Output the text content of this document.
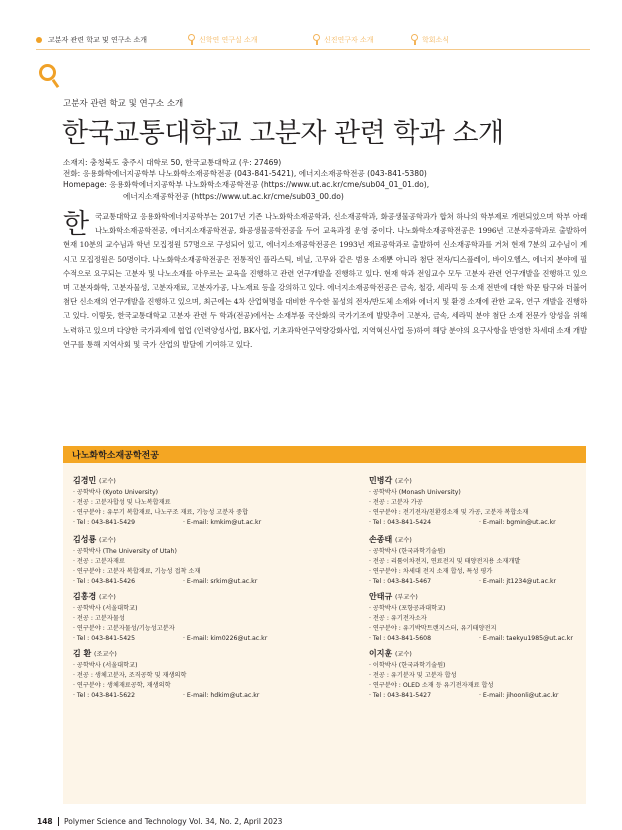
고분자 관련 학교 및 연구소 소개	신학연 연구실 소개	신진연구자 소개	학회소식
고분자 관련 학교 및 연구소 소개
한국교통대학교 고분자 관련 학과 소개
소재지: 충청북도 충주시 대학로 50, 한국교통대학교 (우: 27469)
전화: 응용화학에너지공학부 나노화학소재공학전공 (043-841-5421), 에너지소재공학전공 (043-841-5380)
Homepage: 응용화학에너지공학부 나노화학소재공학전공 (https://www.ut.ac.kr/cme/sub04_01_01.do),
에너지소재공학전공 (https://www.ut.ac.kr/cme/sub03_00.do)
한 국교통대학교 응용화학에너지공학부는 2017년 기존 나노화학소재공학과, 신소재공학과, 화공생물공학과가 합쳐 하나의 학부제로 개편되었으며 학부 아래 나노화학소재공학전공, 에너지소재공학전공, 화공생물공학전공을 두어 교육과정 운영 중이다. 나노화학소재공학전공은 1996년 고분자공학과로 출발하여 현재 10분의 교수님과 학년 모집정원 57명으로 구성되어 있고, 에너지소재공학전공은 1993년 재료공학과로 출발하여 신소재공학과를 거쳐 현재 7분의 교수님이 계시고 모집정원은 50명이다. 나노화학소재공학전공은 전통적인 플라스틱, 비닐, 고무와 같은 범용 소재뿐 아니라 첨단 전자/디스플레이, 바이오헬스, 에너지 분야에 필수적으로 요구되는 고분자 및 나노소재를 아우르는 교육을 진행하고 관련 연구개발을 진행하고 있다. 현재 학과 전임교수 모두 고분자 관련 연구개발을 진행하고 있으며 고분자화학, 고분자물성, 고분자재료, 고분자가공, 나노재료 등을 강의하고 있다. 에너지소재공학전공은 금속, 철강, 세라믹 등 소재 전반에 대한 학문 탐구와 더불어 첨단 신소재의 연구개발을 진행하고 있으며, 최근에는 4차 산업혁명을 대비한 우수한 물성의 전자/반도체 소재와 에너지 및 환경 소재에 관한 교육, 연구 개발을 진행하고 있다. 이렇듯, 한국교통대학교 고분자 관련 두 학과(전공)에서는 소재부품 국산화의 국가기조에 발맞추어 고분자, 금속, 세라믹 분야 첨단 소재 전문가 양성을 위해 노력하고 있으며 다양한 국가과제에 협업 (인력양성사업, BK사업, 기초과학연구역량강화사업, 지역혁신사업 등)하여 해당 분야의 요구사항을 반영한 차세대 소재 개발 연구를 통해 지역사회 및 국가 산업의 발달에 기여하고 있다.
나노화학소재공학전공
김경민 (교수)
· 공학박사 (Kyoto University)
· 전공 : 고분자합성 및 나노복합재료
· 연구분야 : 유무기 복합재료, 나노구조 재료, 기능성 고분자 중합
· Tel : 043-841-5429	· E-mail: kmkim@ut.ac.kr
김성룡 (교수)
· 공학박사 (The University of Utah)
· 전공 : 고분자재료
· 연구분야 : 고분자 복합재료, 기능성 접착 소재
· Tel : 043-841-5426	· E-mail: srkim@ut.ac.kr
김홍경 (교수)
· 공학박사 (서울대학교)
· 전공 : 고분자물성
· 연구분야 : 고분자물성/기능성고분자
· Tel : 043-841-5425	· E-mail: kim0226@ut.ac.kr
김 환 (조교수)
· 공학박사 (서울대학교)
· 전공 : 생체고분자, 조직공학 및 재생의학
· 연구분야 : 생체재료공학, 재생의학
· Tel : 043-841-5622	· E-mail: hdkim@ut.ac.kr
민병각 (교수)
· 공학박사 (Monash University)
· 전공 : 고분자 가공
· 연구분야 : 전기전자/친환경소재 및 가공, 고분자 복합소재
· Tel : 043-841-5424	· E-mail: bgmin@ut.ac.kr
손종태 (교수)
· 공학박사 (한국과학기술원)
· 전공 : 리튬이차전지, 연료전지 및 태양전지용 소재개발
· 연구분야 : 차세대 전지 소재 합성, 특성 평가
· Tel : 043-841-5467	· E-mail: jt1234@ut.ac.kr
안태규 (부교수)
· 공학박사 (포항공과대학교)
· 전공 : 유기전자소자
· 연구분야 : 유기박막트랜지스터, 유기태양전지
· Tel : 043-841-5608	· E-mail: taekyu1985@ut.ac.kr
이지훈 (교수)
· 이학박사 (한국과학기술원)
· 전공 : 유기분자 및 고분자 합성
· 연구분야 : OLED 소재 등 유기전자재료 합성
· Tel : 043-841-5427	· E-mail: jihoonli@ut.ac.kr
148 Polymer Science and Technology Vol. 34, No. 2, April 2023
